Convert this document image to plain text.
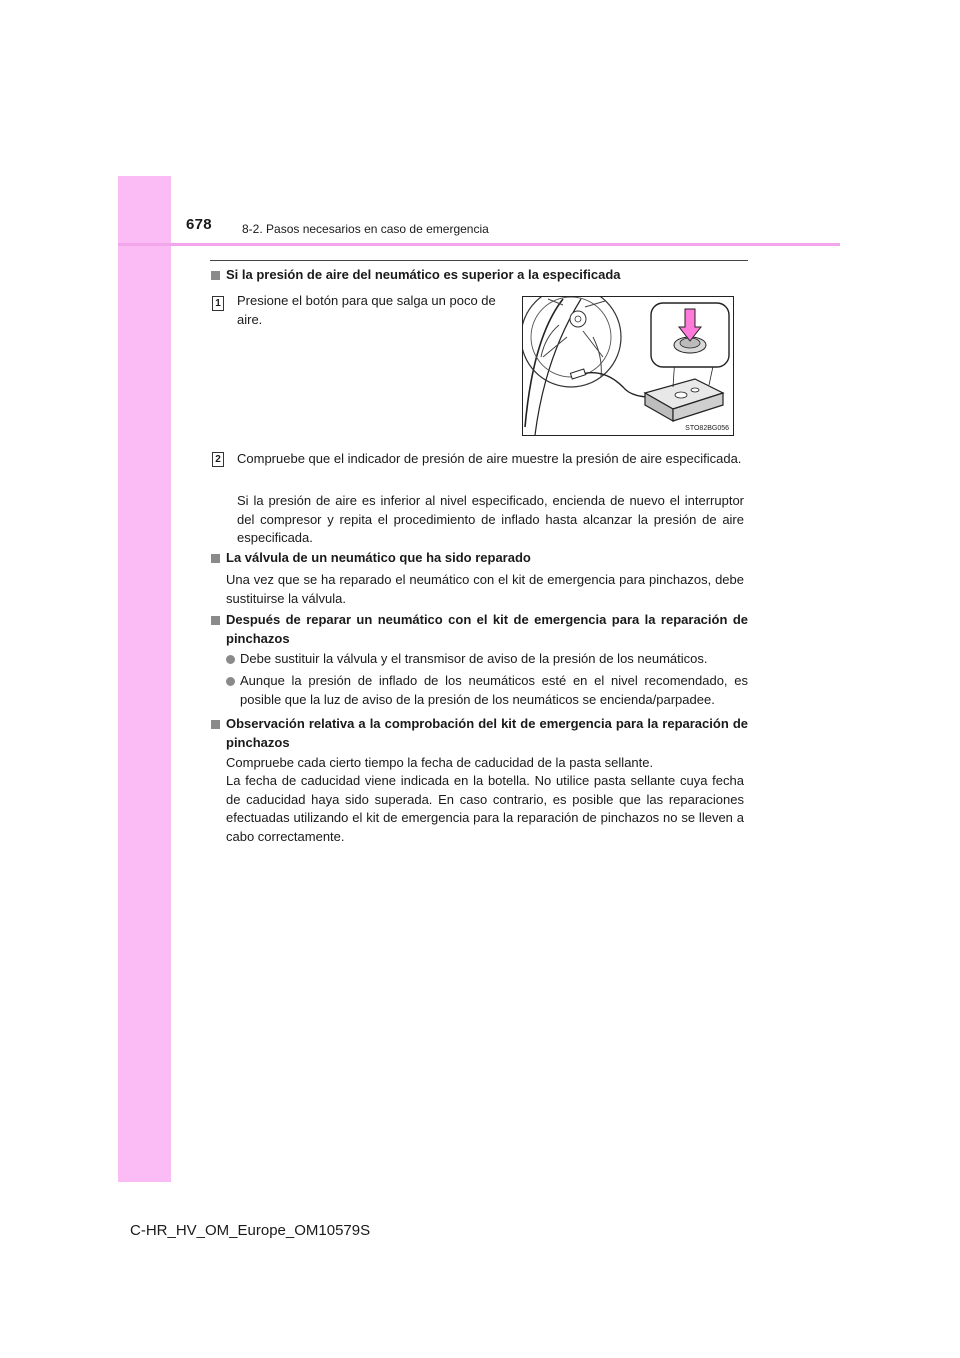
678	8-2. Pasos necesarios en caso de emergencia
Si la presión de aire del neumático es superior a la especificada
1 Presione el botón para que salga un poco de aire.
STO82BG056
2 Compruebe que el indicador de presión de aire muestre la presión de aire especificada.
Si la presión de aire es inferior al nivel especificado, encienda de nuevo el interruptor del compresor y repita el procedimiento de inflado hasta alcanzar la presión de aire especificada.
La válvula de un neumático que ha sido reparado
Una vez que se ha reparado el neumático con el kit de emergencia para pinchazos, debe sustituirse la válvula.
Después de reparar un neumático con el kit de emergencia para la reparación de pinchazos
Debe sustituir la válvula y el transmisor de aviso de la presión de los neumáticos.
Aunque la presión de inflado de los neumáticos esté en el nivel recomendado, es posible que la luz de aviso de la presión de los neumáticos se encienda/parpadee.
Observación relativa a la comprobación del kit de emergencia para la reparación de pinchazos
Compruebe cada cierto tiempo la fecha de caducidad de la pasta sellante.
La fecha de caducidad viene indicada en la botella. No utilice pasta sellante cuya fecha de caducidad haya sido superada. En caso contrario, es posible que las reparaciones efectuadas utilizando el kit de emergencia para la reparación de pinchazos no se lleven a cabo correctamente.
C-HR_HV_OM_Europe_OM10579S
